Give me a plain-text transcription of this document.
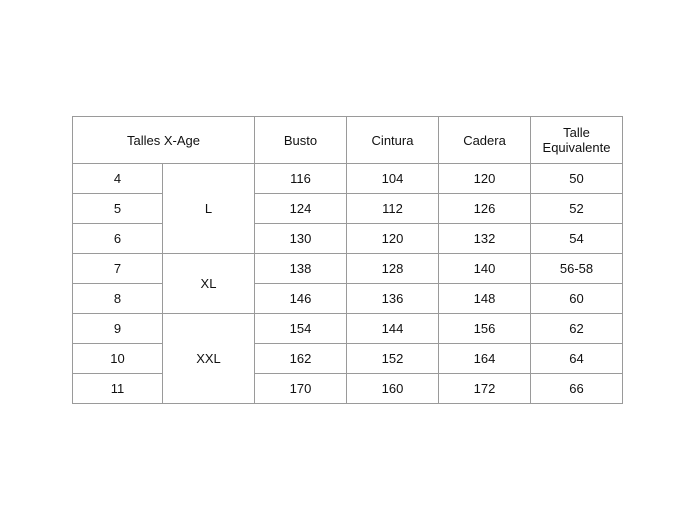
Talles X-Age		Busto	Cintura	Cadera	Talle
Equivalente

4	L	116	104	120	50
5		124	112	126	52
6		130	120	132	54
7	XL	138	128	140	56-58
8		146	136	148	60
9	XXL	154	144	156	62
10		162	152	164	64
11		170	160	172	66
